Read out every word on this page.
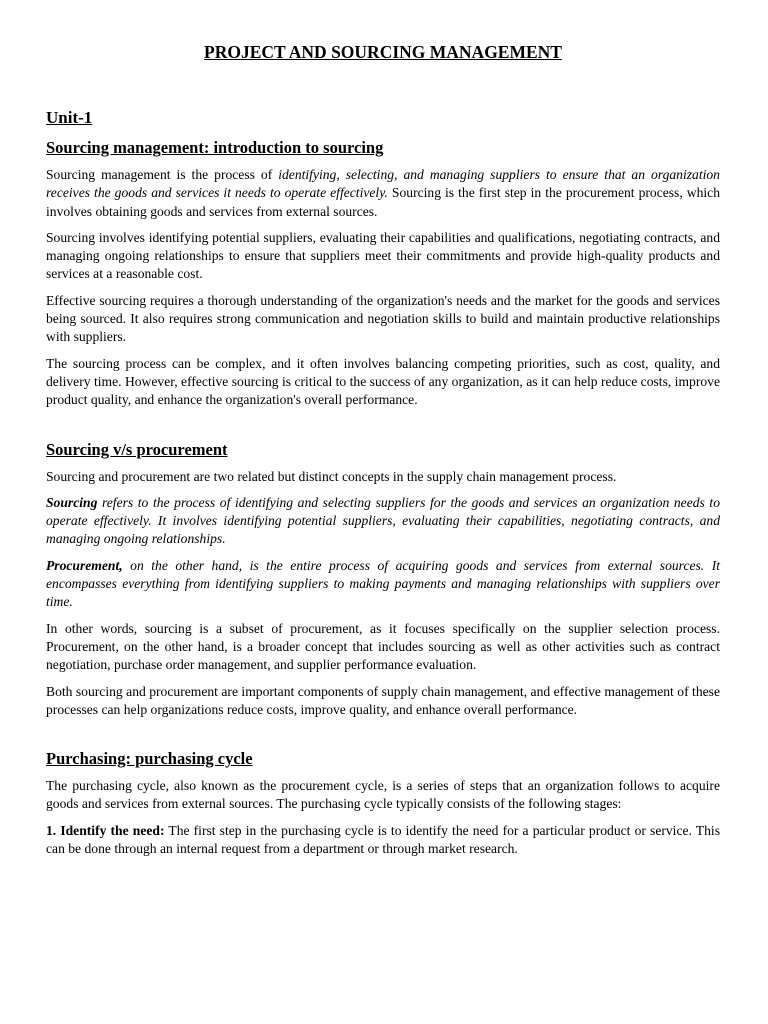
PROJECT AND SOURCING MANAGEMENT
Unit-1
Sourcing management: introduction to sourcing

Sourcing management is the process of identifying, selecting, and managing suppliers to ensure that an organization receives the goods and services it needs to operate effectively. Sourcing is the first step in the procurement process, which involves obtaining goods and services from external sources.

Sourcing involves identifying potential suppliers, evaluating their capabilities and qualifications, negotiating contracts, and managing ongoing relationships to ensure that suppliers meet their commitments and provide high-quality products and services at a reasonable cost.

Effective sourcing requires a thorough understanding of the organization's needs and the market for the goods and services being sourced. It also requires strong communication and negotiation skills to build and maintain productive relationships with suppliers.

The sourcing process can be complex, and it often involves balancing competing priorities, such as cost, quality, and delivery time. However, effective sourcing is critical to the success of any organization, as it can help reduce costs, improve product quality, and enhance the organization's overall performance.

Sourcing v/s procurement

Sourcing and procurement are two related but distinct concepts in the supply chain management process.

Sourcing refers to the process of identifying and selecting suppliers for the goods and services an organization needs to operate effectively. It involves identifying potential suppliers, evaluating their capabilities, negotiating contracts, and managing ongoing relationships.

Procurement, on the other hand, is the entire process of acquiring goods and services from external sources. It encompasses everything from identifying suppliers to making payments and managing relationships with suppliers over time.

In other words, sourcing is a subset of procurement, as it focuses specifically on the supplier selection process. Procurement, on the other hand, is a broader concept that includes sourcing as well as other activities such as contract negotiation, purchase order management, and supplier performance evaluation.

Both sourcing and procurement are important components of supply chain management, and effective management of these processes can help organizations reduce costs, improve quality, and enhance overall performance.

Purchasing: purchasing cycle

The purchasing cycle, also known as the procurement cycle, is a series of steps that an organization follows to acquire goods and services from external sources. The purchasing cycle typically consists of the following stages:

1. Identify the need: The first step in the purchasing cycle is to identify the need for a particular product or service. This can be done through an internal request from a department or through market research.
